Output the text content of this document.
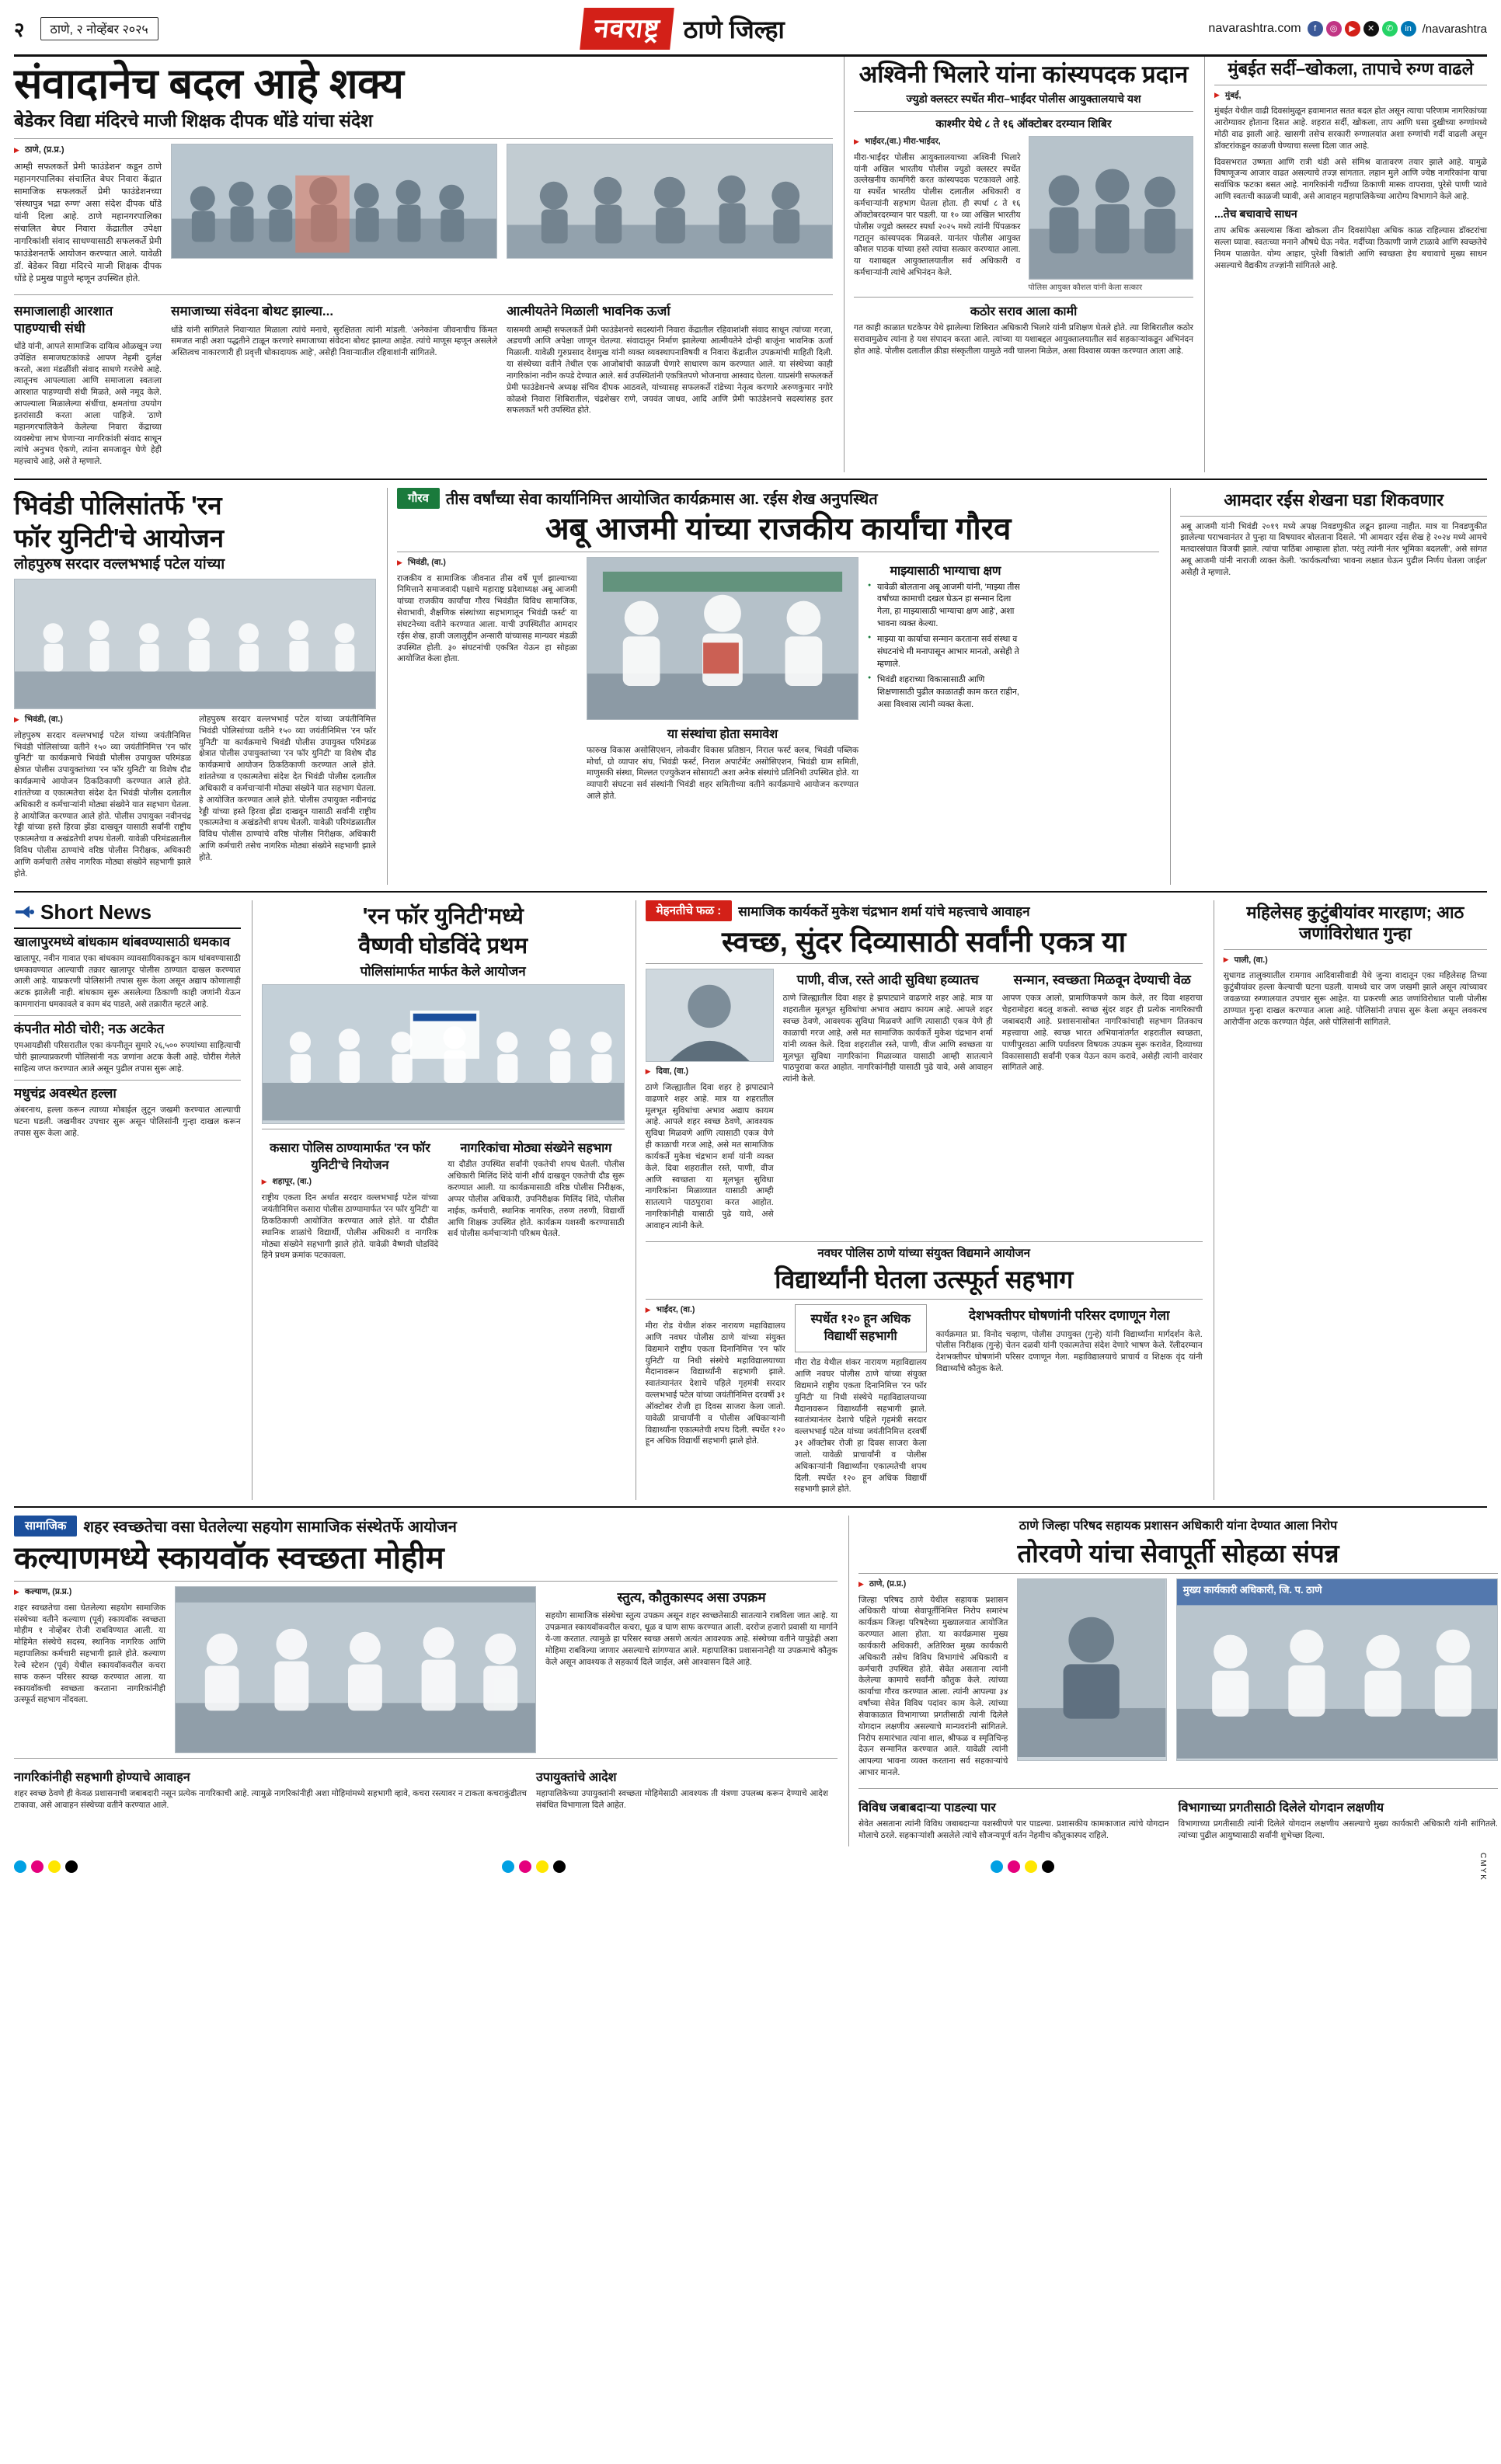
२	ठाणे, २ नोव्हेंबर २०२५	नवराष्ट्र ठाणे जिल्हा	navarashtra.com	f	◎	▶	✕	✆	in /navarashtra
संवादानेच बदल आहे शक्य
बेडेकर विद्या मंदिरचे माजी शिक्षक दीपक धोंडे यांचा संदेश

▶ ठाणे, (प्र.प्र.)

आम्ही सफलकर्ते प्रेमी फाउंडेशन' कडून ठाणे महानगरपालिका संचालित बेघर निवारा केंद्रात सामाजिक सफलकर्ते प्रेमी फाउंडेशनच्या 'संस्थापुत्र भद्रा रुग्ण' असा संदेश दीपक धोंडे यांनी दिला आहे. ठाणे महानगरपालिका संचालित बेघर निवारा केंद्रातील उपेक्षा नागरिकांशी संवाद साधण्यासाठी सफलकर्ते प्रेमी फाउंडेशनतर्फे आयोजन करण्यात आले. यावेळी डॉ. बेडेकर विद्या मंदिरचे माजी शिक्षक दीपक धोंडे हे प्रमुख पाहुणे म्हणून उपस्थित होते.

समाजालाही आरशात पाहण्याची संधी

धोंडे यांनी, आपले सामाजिक दायित्व ओळखून ज्या उपेक्षित समाजघटकांकडे आपण नेहमी दुर्लक्ष करतो, अशा मंडळींशी संवाद साधणे गरजेचे आहे. त्यातूनच आपल्याला आणि समाजाला स्वतःला आरशात पाहण्याची संधी मिळते, असे नमूद केले. आपल्याला मिळालेल्या संधींचा, क्षमतांचा उपयोग इतरांसाठी करता आला पाहिजे. 'ठाणे महानगरपालिकेने केलेल्या निवारा केंद्राच्या व्यवस्थेचा लाभ घेणाऱ्या नागरिकांशी संवाद साधून त्यांचे अनुभव ऐकणे, त्यांना समजावून घेणे हेही महत्त्वाचे आहे, असे ते म्हणाले.

समाजाच्या संवेदना बोथट झाल्या...

धोंडे यांनी सांगितले निवाऱ्यात मिळाला त्यांचे मनाचे, सुरक्षितता त्यांनी मांडली. 'अनेकांना जीवनाचीच किंमत समजत नाही अशा पद्धतीने टाळून करणारे समाजाच्या संवेदना बोथट झाल्या आहेत. त्यांचे माणूस म्हणून असलेले अस्तित्वच नाकारणारी ही प्रवृत्ती धोकादायक आहे', असेही निवाऱ्यातील रहिवाशांनी सांगितले.

आत्मीयतेने मिळाली भावनिक ऊर्जा

यासमयी आम्ही सफलकर्ते प्रेमी फाउंडेशनचे सदस्यांनी निवारा केंद्रातील रहिवाशांशी संवाद साधून त्यांच्या गरजा, अडचणी आणि अपेक्षा जाणून घेतल्या. संवादातून निर्माण झालेल्या आत्मीयतेने दोन्ही बाजूंना भावनिक ऊर्जा मिळाली. यावेळी गुरुप्रसाद देशमुख यांनी व्यक्त व्यवस्थापनाविषयी व निवारा केंद्रातील उपक्रमांची माहिती दिली. या संस्थेच्या वतीने तेथील एक आजोबांची काळजी घेणारे साधारण काम करण्यात आले. या संस्थेच्या काही नागरिकांना नवीन कपडे देण्यात आले. सर्व उपस्थितांनी एकत्रितपणे भोजनाचा आस्वाद घेतला. याप्रसंगी सफलकर्ते प्रेमी फाउंडेशनचे अध्यक्ष संचिव दीपक आठवले, यांच्यासह सफलकर्ते रांडेच्या नेतृत्व करणारे अरुणकुमार नगोरे कोळशे निवारा शिबिरातील, चंद्रशेखर राणे, जयवंत जाधव, आदि आणि प्रेमी फाउंडेशनचे सदस्यांसह इतर सफलकर्ते भरी उपस्थित होते.

अश्विनी भिलारे यांना कांस्यपदक प्रदान
ज्युडो क्लस्टर स्पर्धेत मीरा–भाईंदर पोलीस आयुक्तालयाचे यश
काश्मीर येथे ८ ते १६ ऑक्टोबर दरम्यान शिबिर

▶ भाईंदर,(वा.) मीरा-भाईंदर,

मीरा-भाईंदर पोलीस आयुक्तालयाच्या अश्विनी भिलारे यांनी अखिल भारतीय पोलीस ज्युडो क्लस्टर स्पर्धेत उल्लेखनीय कामगिरी करत कांस्यपदक पटकावले आहे. या स्पर्धेत भारतीय पोलीस दलातील अधिकारी व कर्मचाऱ्यांनी सहभाग घेतला होता. ही स्पर्धा ८ ते १६ ऑक्टोबरदरम्यान पार पडली. या १० व्या अखिल भारतीय पोलीस ज्युडो क्लस्टर स्पर्धा २०२५ मध्ये त्यांनी पिंपळकर गटातून कांस्यपदक मिळवले. यानंतर पोलीस आयुक्त कौशल पाठक यांच्या हस्ते त्यांचा सत्कार करण्यात आला. या यशाबद्दल आयुक्तालयातील सर्व अधिकारी व कर्मचाऱ्यांनी त्यांचे अभिनंदन केले.

पोलिस आयुक्त कौशल यांनी केला सत्कार
कठोर सराव आला कामी

गत काही काळात घटकेपर येथे झालेल्या शिबिरात अधिकारी भिलारे यांनी प्रशिक्षण घेतले होते. त्या शिबिरातील कठोर सरावामुळेच त्यांना हे यश संपादन करता आले. त्यांच्या या यशाबद्दल आयुक्तालयातील सर्व सहकाऱ्यांकडून अभिनंदन होत आहे. पोलीस दलातील क्रीडा संस्कृतीला यामुळे नवी चालना मिळेल, असा विश्वास व्यक्त करण्यात आला आहे.

मुंबईत सर्दी–खोकला, तापाचे रुग्ण वाढले

▶ मुंबई,

मुंबईत येथील वाढी दिवसांमुळून हवामानात सतत बदल होत असून त्याचा परिणाम नागरिकांच्या आरोग्यावर होताना दिसत आहे. शहरात सर्दी, खोकला, ताप आणि घसा दुखीच्या रुग्णांमध्ये मोठी वाढ झाली आहे. खासगी तसेच सरकारी रुग्णालयांत अशा रुग्णांची गर्दी वाढली असून डॉक्टरांकडून काळजी घेण्याचा सल्ला दिला जात आहे.

दिवसभरात उष्णता आणि रात्री थंडी असे संमिश्र वातावरण तयार झाले आहे. यामुळे विषाणूजन्य आजार वाढत असल्याचे तज्ज्ञ सांगतात. लहान मुले आणि ज्येष्ठ नागरिकांना याचा सर्वाधिक फटका बसत आहे. नागरिकांनी गर्दीच्या ठिकाणी मास्क वापरावा, पुरेसे पाणी प्यावे आणि स्वतःची काळजी घ्यावी, असे आवाहन महापालिकेच्या आरोग्य विभागाने केले आहे.

...तेच बचावाचे साधन

ताप अधिक असल्यास किंवा खोकला तीन दिवसांपेक्षा अधिक काळ राहिल्यास डॉक्टरांचा सल्ला घ्यावा. स्वतःच्या मनाने औषधे घेऊ नयेत. गर्दीच्या ठिकाणी जाणे टाळावे आणि स्वच्छतेचे नियम पाळावेत. योग्य आहार, पुरेशी विश्रांती आणि स्वच्छता हेच बचावाचे मुख्य साधन असल्याचे वैद्यकीय तज्ज्ञांनी सांगितले आहे.

भिवंडी पोलिसांतर्फे 'रन
फॉर युनिटी'चे आयोजन
लोहपुरुष सरदार वल्लभभाई पटेल यांच्या

▶ भिवंडी, (वा.)

लोहपुरुष सरदार वल्लभभाई पटेल यांच्या जयंतीनिमित्त भिवंडी पोलिसांच्या वतीने १५० व्या जयंतीनिमित्त 'रन फॉर युनिटी' या कार्यक्रमाचे भिवंडी पोलीस उपायुक्त परिमंडळ क्षेत्रात पोलीस उपायुक्तांच्या 'रन फॉर युनिटी' या विशेष दौड कार्यक्रमाचे आयोजन ठिकठिकाणी करण्यात आले होते. शांततेच्या व एकात्मतेचा संदेश देत भिवंडी पोलीस दलातील अधिकारी व कर्मचाऱ्यांनी मोठ्या संख्येने यात सहभाग घेतला. हे आयोजित करण्यात आले होते. पोलीस उपायुक्त नवीनचंद्र रेड्डी यांच्या हस्ते हिरवा झेंडा दाखवून यासाठी सर्वांनी राष्ट्रीय एकात्मतेचा व अखंडतेची शपथ घेतली. यावेळी परिमंडळातील विविध पोलीस ठाण्यांचे वरिष्ठ पोलीस निरीक्षक, अधिकारी आणि कर्मचारी तसेच नागरिक मोठ्या संख्येने सहभागी झाले होते.

लोहपुरुष सरदार वल्लभभाई पटेल यांच्या जयंतीनिमित्त भिवंडी पोलिसांच्या वतीने १५० व्या जयंतीनिमित्त 'रन फॉर युनिटी' या कार्यक्रमाचे भिवंडी पोलीस उपायुक्त परिमंडळ क्षेत्रात पोलीस उपायुक्तांच्या 'रन फॉर युनिटी' या विशेष दौड कार्यक्रमाचे आयोजन ठिकठिकाणी करण्यात आले होते. शांततेच्या व एकात्मतेचा संदेश देत भिवंडी पोलीस दलातील अधिकारी व कर्मचाऱ्यांनी मोठ्या संख्येने यात सहभाग घेतला. हे आयोजित करण्यात आले होते. पोलीस उपायुक्त नवीनचंद्र रेड्डी यांच्या हस्ते हिरवा झेंडा दाखवून यासाठी सर्वांनी राष्ट्रीय एकात्मतेचा व अखंडतेची शपथ घेतली. यावेळी परिमंडळातील विविध पोलीस ठाण्यांचे वरिष्ठ पोलीस निरीक्षक, अधिकारी आणि कर्मचारी तसेच नागरिक मोठ्या संख्येने सहभागी झाले होते.

गौरव	तीस वर्षांच्या सेवा कार्यानिमित्त आयोजित कार्यक्रमास आ. रईस शेख अनुपस्थित
अबू आजमी यांच्या राजकीय कार्यांचा गौरव

▶ भिवंडी, (वा.)

राजकीय व सामाजिक जीवनात तीस वर्षे पूर्ण झाल्याच्या निमित्ताने समाजवादी पक्षाचे महाराष्ट्र प्रदेशाध्यक्ष अबू आजमी यांच्या राजकीय कार्यांचा गौरव भिवंडीत विविध सामाजिक, सेवाभावी, शैक्षणिक संस्थांच्या सहभागातून 'भिवंडी फर्स्ट' या संघटनेच्या वतीने करण्यात आला. याची उपस्थितीत आमदार रईस शेख, हाजी जलालुद्दीन अन्सारी यांच्यासह मान्यवर मंडळी उपस्थित होती. ३० संघटनांची एकत्रित येऊन हा सोहळा आयोजित केला होता.

या संस्थांचा होता समावेश

फारुख विकास असोसिएशन, लोकवीर विकास प्रतिष्ठान, निराल फर्स्ट क्लब, भिवंडी पब्लिक मोर्चा, ग्रो व्यापार संघ, भिवंडी फर्स्ट, निराल अपार्टमेंट असोसिएशन, भिवंडी ग्राम समिती, माणुसकी संस्था, मिल्लत एज्युकेशन सोसायटी अशा अनेक संस्थांचे प्रतिनिधी उपस्थित होते. या व्यापारी संघटना सर्व संस्थांनी भिवंडी शहर समितीच्या वतीने कार्यक्रमाचे आयोजन करण्यात आले होते.

माझ्यासाठी भाग्याचा क्षण
● यावेळी बोलताना अबू आजमी यांनी, 'माझ्या तीस वर्षांच्या कामाची दखल घेऊन हा सन्मान दिला गेला, हा माझ्यासाठी भाग्याचा क्षण आहे', अशा भावना व्यक्त केल्या.
● माझ्या या कार्याचा सन्मान करताना सर्व संस्था व संघटनांचे मी मनापासून आभार मानतो, असेही ते म्हणाले.
● भिवंडी शहराच्या विकासासाठी आणि शिक्षणासाठी पुढील काळातही काम करत राहीन, असा विश्वास त्यांनी व्यक्त केला.
आमदार रईस शेखना घडा शिकवणार

अबू आजमी यांनी भिवंडी २०१९ मध्ये अपक्ष निवडणुकीत लढून झाल्या नाहीत. मात्र या निवडणुकीत झालेल्या पराभवानंतर ते पुन्हा या विषयावर बोलताना दिसले. 'मी आमदार रईस शेख हे २०२४ मध्ये आमचे मतदारसंघात विजयी झाले. त्यांचा पाठिंबा आम्हाला होता. परंतु त्यांनी नंतर भूमिका बदलली', असे सांगत अबू आजमी यांनी नाराजी व्यक्त केली. 'कार्यकर्त्यांच्या भावना लक्षात घेऊन पुढील निर्णय घेतला जाईल' असेही ते म्हणाले.

Short News
खालापुरमध्ये बांधकाम थांबवण्यासाठी धमकाव

खालापूर, नवीन गावात एका बांधकाम व्यावसायिकाकडून काम थांबवण्यासाठी धमकावण्यात आल्याची तक्रार खालापूर पोलीस ठाण्यात दाखल करण्यात आली आहे. याप्रकरणी पोलिसांनी तपास सुरू केला असून अद्याप कोणालाही अटक झालेली नाही. बांधकाम सुरू असलेल्या ठिकाणी काही जणांनी येऊन कामगारांना धमकावले व काम बंद पाडले, असे तक्रारीत म्हटले आहे.

कंपनीत मोठी चोरी; नऊ अटकेत

एमआयडीसी परिसरातील एका कंपनीतून सुमारे २६,५०० रुपयांच्या साहित्याची चोरी झाल्याप्रकरणी पोलिसांनी नऊ जणांना अटक केली आहे. चोरीस गेलेले साहित्य जप्त करण्यात आले असून पुढील तपास सुरू आहे.

मधुचंद्र अवस्थेत हल्ला

अंबरनाथ, हल्ला करून त्याच्या मोबाईल लुटून जखमी करण्यात आल्याची घटना घडली. जखमीवर उपचार सुरू असून पोलिसांनी गुन्हा दाखल करून तपास सुरू केला आहे.

'रन फॉर युनिटी'मध्ये
वैष्णवी घोडविंदे प्रथम
पोलिसांमार्फत मार्फत केले आयोजन
कसारा पोलिस ठाण्यामार्फत 'रन फॉर युनिटी'चे नियोजन

▶ शहापूर, (वा.)

राष्ट्रीय एकता दिन अर्थात सरदार वल्लभभाई पटेल यांच्या जयंतीनिमित्त कसारा पोलीस ठाण्यामार्फत 'रन फॉर युनिटी' या ठिकठिकाणी आयोजित करण्यात आले होते. या दौडीत स्थानिक शाळांचे विद्यार्थी, पोलीस अधिकारी व नागरिक मोठ्या संख्येने सहभागी झाले होते. यावेळी वैष्णवी घोडविंदे हिने प्रथम क्रमांक पटकावला.

नागरिकांचा मोठ्या संख्येने सहभाग

या दौडीत उपस्थित सर्वांनी एकतेची शपथ घेतली. पोलीस अधिकारी मिलिंद शिंदे यांनी शौर्य दाखवून एकतेची दौड सुरू करण्यात आली. या कार्यक्रमासाठी वरिष्ठ पोलीस निरीक्षक, अप्पर पोलीस अधिकारी, उपनिरीक्षक मिलिंद शिंदे, पोलीस नाईक, कर्मचारी, स्थानिक नागरिक, तरुण तरुणी, विद्यार्थी आणि शिक्षक उपस्थित होते. कार्यक्रम यशस्वी करण्यासाठी सर्व पोलीस कर्मचाऱ्यांनी परिश्रम घेतले.

मेहनतीचे फळ :	सामाजिक कार्यकर्ते मुकेश चंद्रभान शर्मा यांचे महत्त्वाचे आवाहन
स्वच्छ, सुंदर दिव्यासाठी सर्वांनी एकत्र या

▶ दिवा, (वा.)

ठाणे जिल्ह्यातील दिवा शहर हे झपाट्याने वाढणारे शहर आहे. मात्र या शहरातील मूलभूत सुविधांचा अभाव अद्याप कायम आहे. आपले शहर स्वच्छ ठेवणे, आवश्यक सुविधा मिळवणे आणि त्यासाठी एकत्र येणे ही काळाची गरज आहे, असे मत सामाजिक कार्यकर्ते मुकेश चंद्रभान शर्मा यांनी व्यक्त केले. दिवा शहरातील रस्ते, पाणी, वीज आणि स्वच्छता या मूलभूत सुविधा नागरिकांना मिळाव्यात यासाठी आम्ही सातत्याने पाठपुरावा करत आहोत. नागरिकांनीही यासाठी पुढे यावे, असे आवाहन त्यांनी केले.

पाणी, वीज, रस्ते आदी सुविधा हव्यातच

ठाणे जिल्ह्यातील दिवा शहर हे झपाट्याने वाढणारे शहर आहे. मात्र या शहरातील मूलभूत सुविधांचा अभाव अद्याप कायम आहे. आपले शहर स्वच्छ ठेवणे, आवश्यक सुविधा मिळवणे आणि त्यासाठी एकत्र येणे ही काळाची गरज आहे, असे मत सामाजिक कार्यकर्ते मुकेश चंद्रभान शर्मा यांनी व्यक्त केले. दिवा शहरातील रस्ते, पाणी, वीज आणि स्वच्छता या मूलभूत सुविधा नागरिकांना मिळाव्यात यासाठी आम्ही सातत्याने पाठपुरावा करत आहोत. नागरिकांनीही यासाठी पुढे यावे, असे आवाहन त्यांनी केले.

सन्मान, स्वच्छता मिळवून देण्याची वेळ

आपण एकत्र आलो, प्रामाणिकपणे काम केले, तर दिवा शहराचा चेहरामोहरा बदलू शकतो. स्वच्छ सुंदर शहर ही प्रत्येक नागरिकाची जबाबदारी आहे. प्रशासनासोबत नागरिकांचाही सहभाग तितकाच महत्त्वाचा आहे. स्वच्छ भारत अभियानांतर्गत शहरातील स्वच्छता, पाणीपुरवठा आणि पर्यावरण विषयक उपक्रम सुरू करावेत, दिव्याच्या विकासासाठी सर्वांनी एकत्र येऊन काम करावे, असेही त्यांनी वारंवार सांगितले आहे.

नवघर पोलिस ठाणे यांच्या संयुक्त विद्यमाने आयोजन
विद्यार्थ्यांनी घेतला उत्स्फूर्त सहभाग

▶ भाईंदर, (वा.)

मीरा रोड येथील शंकर नारायण महाविद्यालय आणि नवघर पोलीस ठाणे यांच्या संयुक्त विद्यमाने राष्ट्रीय एकता दिनानिमित्त 'रन फॉर युनिटी' या निधी संस्थेचे महाविद्यालयाच्या मैदानावरून विद्यार्थ्यांनी सहभागी झाले. स्वातंत्र्यानंतर देशाचे पहिले गृहमंत्री सरदार वल्लभभाई पटेल यांच्या जयंतीनिमित्त दरवर्षी ३१ ऑक्टोबर रोजी हा दिवस साजरा केला जातो. यावेळी प्राचार्यांनी व पोलीस अधिकाऱ्यांनी विद्यार्थ्यांना एकात्मतेची शपथ दिली. स्पर्धेत १२० हून अधिक विद्यार्थी सहभागी झाले होते.

स्पर्धेत १२० हून अधिक विद्यार्थी सहभागी

मीरा रोड येथील शंकर नारायण महाविद्यालय आणि नवघर पोलीस ठाणे यांच्या संयुक्त विद्यमाने राष्ट्रीय एकता दिनानिमित्त 'रन फॉर युनिटी' या निधी संस्थेचे महाविद्यालयाच्या मैदानावरून विद्यार्थ्यांनी सहभागी झाले. स्वातंत्र्यानंतर देशाचे पहिले गृहमंत्री सरदार वल्लभभाई पटेल यांच्या जयंतीनिमित्त दरवर्षी ३१ ऑक्टोबर रोजी हा दिवस साजरा केला जातो. यावेळी प्राचार्यांनी व पोलीस अधिकाऱ्यांनी विद्यार्थ्यांना एकात्मतेची शपथ दिली. स्पर्धेत १२० हून अधिक विद्यार्थी सहभागी झाले होते.

देशभक्तीपर घोषणांनी परिसर दणाणून गेला

कार्यक्रमात प्रा. विनोद चव्हाण, पोलीस उपायुक्त (गुन्हे) यांनी विद्यार्थ्यांना मार्गदर्शन केले. पोलीस निरीक्षक (गुन्हे) चेतन दळवी यांनी एकात्मतेचा संदेश देणारे भाषण केले. रॅलीदरम्यान देशभक्तीपर घोषणांनी परिसर दणाणून गेला. महाविद्यालयाचे प्राचार्य व शिक्षक वृंद यांनी विद्यार्थ्यांचे कौतुक केले.

महिलेसह कुटुंबीयांवर मारहाण; आठ जणांविरोधात गुन्हा

▶ पाली, (वा.)

सुधागड तालुक्यातील रामगाव आदिवासीवाडी येथे जुन्या वादातून एका महिलेसह तिच्या कुटुंबीयांवर हल्ला केल्याची घटना घडली. यामध्ये चार जण जखमी झाले असून त्यांच्यावर जवळच्या रुग्णालयात उपचार सुरू आहेत. या प्रकरणी आठ जणांविरोधात पाली पोलीस ठाण्यात गुन्हा दाखल करण्यात आला आहे. पोलिसांनी तपास सुरू केला असून लवकरच आरोपींना अटक करण्यात येईल, असे पोलिसांनी सांगितले.

सामाजिक	शहर स्वच्छतेचा वसा घेतलेल्या सहयोग सामाजिक संस्थेतर्फे आयोजन
कल्याणमध्ये स्कायवॉक स्वच्छता मोहीम

▶ कल्याण, (प्र.प्र.)

शहर स्वच्छतेचा वसा घेतलेल्या सहयोग सामाजिक संस्थेच्या वतीने कल्याण (पूर्व) स्कायवॉक स्वच्छता मोहीम १ नोव्हेंबर रोजी राबविण्यात आली. या मोहिमेत संस्थेचे सदस्य, स्थानिक नागरिक आणि महापालिका कर्मचारी सहभागी झाले होते. कल्याण रेल्वे स्टेशन (पूर्व) येथील स्कायवॉकवरील कचरा साफ करून परिसर स्वच्छ करण्यात आला. या स्कायवॉकची स्वच्छता करताना नागरिकांनीही उत्स्फूर्त सहभाग नोंदवला.

स्तुत्य, कौतुकास्पद असा उपक्रम

सहयोग सामाजिक संस्थेचा स्तुत्य उपक्रम असून शहर स्वच्छतेसाठी सातत्याने राबविला जात आहे. या उपक्रमात स्कायवॉकवरील कचरा, धूळ व घाण साफ करण्यात आली. दररोज हजारो प्रवासी या मार्गाने ये-जा करतात. त्यामुळे हा परिसर स्वच्छ असणे अत्यंत आवश्यक आहे. संस्थेच्या वतीने यापुढेही अशा मोहिमा राबविल्या जाणार असल्याचे सांगण्यात आले. महापालिका प्रशासनानेही या उपक्रमाचे कौतुक केले असून आवश्यक ते सहकार्य दिले जाईल, असे आश्वासन दिले आहे.

नागरिकांनीही सहभागी होण्याचे आवाहन

शहर स्वच्छ ठेवणे ही केवळ प्रशासनाची जबाबदारी नसून प्रत्येक नागरिकाची आहे. त्यामुळे नागरिकांनीही अशा मोहिमांमध्ये सहभागी व्हावे, कचरा रस्त्यावर न टाकता कचराकुंडीतच टाकावा, असे आवाहन संस्थेच्या वतीने करण्यात आले.

उपायुक्तांचे आदेश

महापालिकेच्या उपायुक्तांनी स्वच्छता मोहिमेसाठी आवश्यक ती यंत्रणा उपलब्ध करून देण्याचे आदेश संबंधित विभागाला दिले आहेत.

ठाणे जिल्हा परिषद सहायक प्रशासन अधिकारी यांना देण्यात आला निरोप
तोरवणे यांचा सेवापूर्ती सोहळा संपन्न

▶ ठाणे, (प्र.प्र.)

जिल्हा परिषद ठाणे येथील सहायक प्रशासन अधिकारी यांच्या सेवापूर्तीनिमित्त निरोप समारंभ कार्यक्रम जिल्हा परिषदेच्या मुख्यालयात आयोजित करण्यात आला होता. या कार्यक्रमास मुख्य कार्यकारी अधिकारी, अतिरिक्त मुख्य कार्यकारी अधिकारी तसेच विविध विभागांचे अधिकारी व कर्मचारी उपस्थित होते. सेवेत असताना त्यांनी केलेल्या कामाचे सर्वांनी कौतुक केले. त्यांच्या कार्याचा गौरव करण्यात आला. त्यांनी आपल्या ३४ वर्षांच्या सेवेत विविध पदांवर काम केले. त्यांच्या सेवाकाळात विभागाच्या प्रगतीसाठी त्यांनी दिलेले योगदान लक्षणीय असल्याचे मान्यवरांनी सांगितले. निरोप समारंभात त्यांना शाल, श्रीफळ व स्मृतिचिन्ह देऊन सन्मानित करण्यात आले. यावेळी त्यांनी आपल्या भावना व्यक्त करताना सर्व सहकाऱ्यांचे आभार मानले.

मुख्य कार्यकारी अधिकारी, जि. प. ठाणे
विविध जबाबदाऱ्या पाडल्या पार

सेवेत असताना त्यांनी विविध जबाबदाऱ्या यशस्वीपणे पार पाडल्या. प्रशासकीय कामकाजात त्यांचे योगदान मोलाचे ठरले. सहकाऱ्यांशी असलेले त्यांचे सौजन्यपूर्ण वर्तन नेहमीच कौतुकास्पद राहिले.

विभागाच्या प्रगतीसाठी दिलेले योगदान लक्षणीय

विभागाच्या प्रगतीसाठी त्यांनी दिलेले योगदान लक्षणीय असल्याचे मुख्य कार्यकारी अधिकारी यांनी सांगितले. त्यांच्या पुढील आयुष्यासाठी सर्वांनी शुभेच्छा दिल्या.

CMYK
